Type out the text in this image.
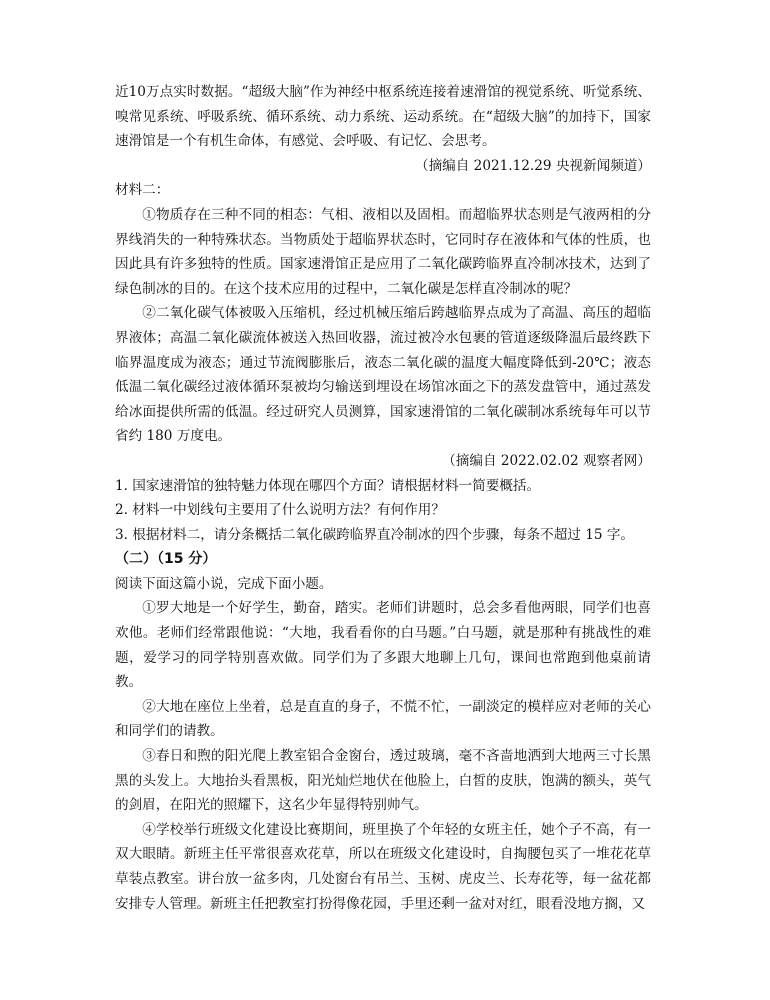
近10万点实时数据。“超级大脑”作为神经中枢系统连接着速滑馆的视觉系统、听觉系统、嗅常见系统、呼吸系统、循环系统、动力系统、运动系统。在“超级大脑”的加持下，国家速滑馆是一个有机生命体，有感觉、会呼吸、有记忆、会思考。

（摘编自 2021.12.29 央视新闻频道）

材料二：

①物质存在三种不同的相态：气相、液相以及固相。而超临界状态则是气液两相的分界线消失的一种特殊状态。当物质处于超临界状态时，它同时存在液体和气体的性质，也因此具有许多独特的性质。国家速滑馆正是应用了二氧化碳跨临界直冷制冰技术，达到了绿色制冰的目的。在这个技术应用的过程中，二氧化碳是怎样直冷制冰的呢？

②二氧化碳气体被吸入压缩机，经过机械压缩后跨越临界点成为了高温、高压的超临界液体；高温二氧化碳流体被送入热回收器，流过被冷水包裹的管道逐级降温后最终跌下临界温度成为液态；通过节流阀膨胀后，液态二氧化碳的温度大幅度降低到-20℃；液态低温二氧化碳经过液体循环泵被均匀输送到埋设在场馆冰面之下的蒸发盘管中，通过蒸发给冰面提供所需的低温。经过研究人员测算，国家速滑馆的二氧化碳制冰系统每年可以节省约 180 万度电。

（摘编自 2022.02.02 观察者网）

1. 国家速滑馆的独特魅力体现在哪四个方面？请根据材料一简要概括。

2. 材料一中划线句主要用了什么说明方法？有何作用？

3. 根据材料二，请分条概括二氧化碳跨临界直冷制冰的四个步骤，每条不超过 15 字。

（二）（15 分）

阅读下面这篇小说，完成下面小题。

①罗大地是一个好学生，勤奋，踏实。老师们讲题时，总会多看他两眼，同学们也喜欢他。老师们经常跟他说：“大地，我看看你的白马题。”白马题，就是那种有挑战性的难题，爱学习的同学特别喜欢做。同学们为了多跟大地聊上几句，课间也常跑到他桌前请教。

②大地在座位上坐着，总是直直的身子，不慌不忙，一副淡定的模样应对老师的关心和同学们的请教。

③春日和煦的阳光爬上教室铝合金窗台，透过玻璃，毫不吝啬地洒到大地两三寸长黑黑的头发上。大地抬头看黑板，阳光灿烂地伏在他脸上，白皙的皮肤，饱满的额头，英气的剑眉，在阳光的照耀下，这名少年显得特别帅气。

④学校举行班级文化建设比赛期间，班里换了个年轻的女班主任，她个子不高，有一双大眼睛。新班主任平常很喜欢花草，所以在班级文化建设时，自掏腰包买了一堆花花草草装点教室。讲台放一盆多肉，几处窗台有吊兰、玉树、虎皮兰、长寿花等，每一盆花都安排专人管理。新班主任把教室打扮得像花园，手里还剩一盆对对红，眼看没地方搁，又
